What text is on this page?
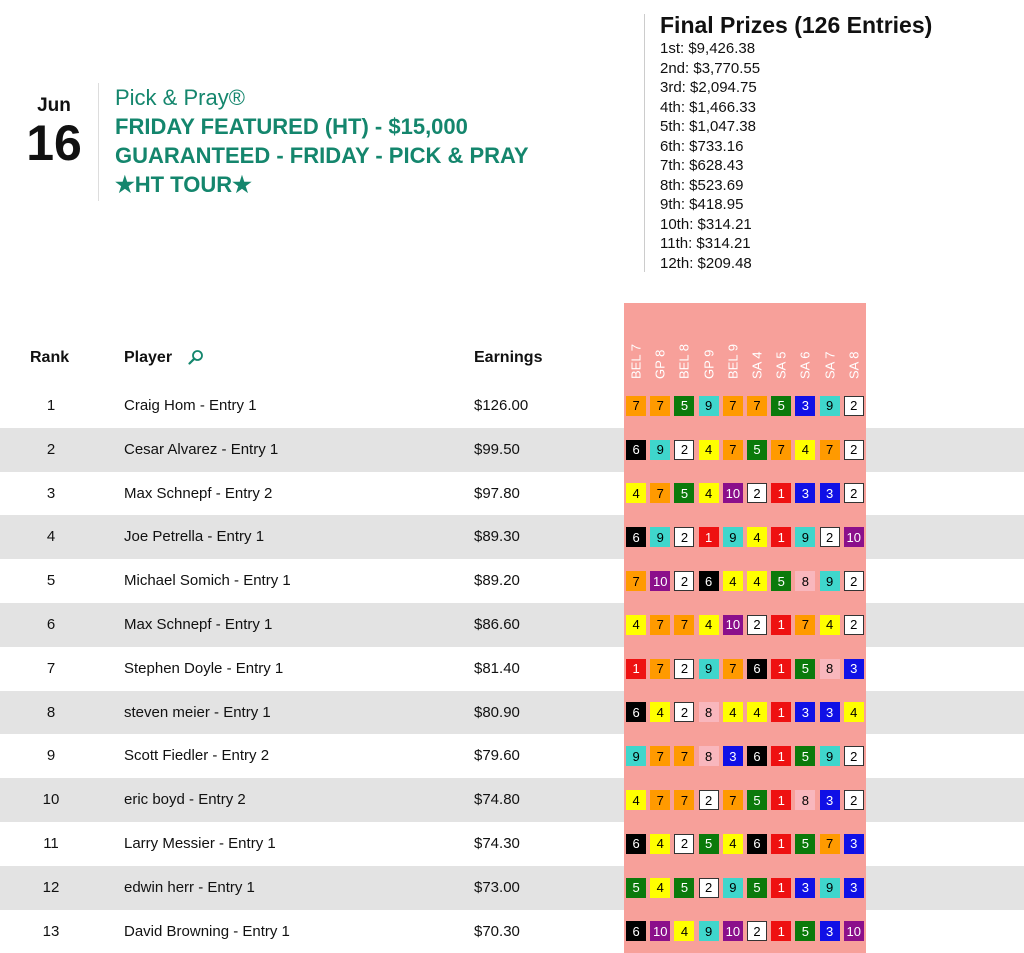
Jun
16
Pick & Pray®
FRIDAY FEATURED (HT) - $15,000
GUARANTEED - FRIDAY - PICK & PRAY
★HT TOUR★
Final Prizes (126 Entries)
1st: $9,426.38
2nd: $3,770.55
3rd: $2,094.75
4th: $1,466.33
5th: $1,047.38
6th: $733.16
7th: $628.43
8th: $523.69
9th: $418.95
10th: $314.21
11th: $314.21
12th: $209.48
BEL 7 GP 8 BEL 8 GP 9 BEL 9 SA 4 SA 5 SA 6 SA 7 SA 8
Rank	Player	Earnings
1	Craig Hom - Entry 1	$126.00	7	7	5	9	7	7	5	3	9	2
2	Cesar Alvarez - Entry 1	$99.50	6	9	2	4	7	5	7	4	7	2
3	Max Schnepf - Entry 2	$97.80	4	7	5	4	10	2	1	3	3	2
4	Joe Petrella - Entry 1	$89.30	6	9	2	1	9	4	1	9	2	10
5	Michael Somich - Entry 1	$89.20	7	10	2	6	4	4	5	8	9	2
6	Max Schnepf - Entry 1	$86.60	4	7	7	4	10	2	1	7	4	2
7	Stephen Doyle - Entry 1	$81.40	1	7	2	9	7	6	1	5	8	3
8	steven meier - Entry 1	$80.90	6	4	2	8	4	4	1	3	3	4
9	Scott Fiedler - Entry 2	$79.60	9	7	7	8	3	6	1	5	9	2
10	eric boyd - Entry 2	$74.80	4	7	7	2	7	5	1	8	3	2
11	Larry Messier - Entry 1	$74.30	6	4	2	5	4	6	1	5	7	3
12	edwin herr - Entry 1	$73.00	5	4	5	2	9	5	1	3	9	3
13	David Browning - Entry 1	$70.30	6	10	4	9	10	2	1	5	3	10
